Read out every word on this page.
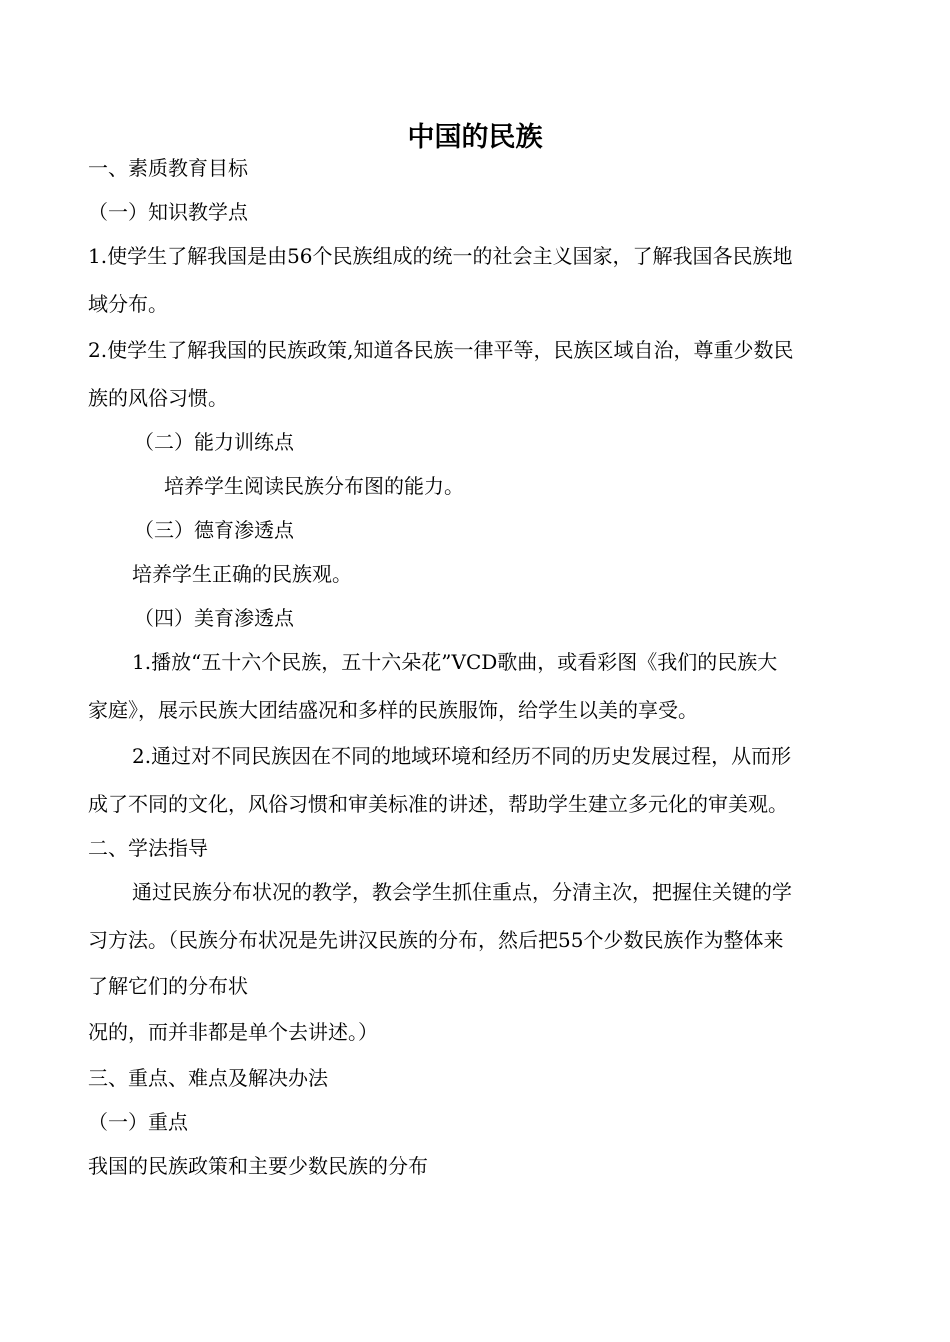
中国的民族
一、素质教育目标
（一）知识教学点
1.使学生了解我国是由56个民族组成的统一的社会主义国家，了解我国各民族地
域分布。
2.使学生了解我国的民族政策,知道各民族一律平等，民族区域自治，尊重少数民
族的风俗习惯。
（二）能力训练点
培养学生阅读民族分布图的能力。
（三）德育渗透点
培养学生正确的民族观。
（四）美育渗透点
1.播放“五十六个民族，五十六朵花”VCD歌曲，或看彩图《我们的民族大
家庭》，展示民族大团结盛况和多样的民族服饰，给学生以美的享受。
2.通过对不同民族因在不同的地域环境和经历不同的历史发展过程，从而形
成了不同的文化，风俗习惯和审美标准的讲述，帮助学生建立多元化的审美观。
二、学法指导
通过民族分布状况的教学，教会学生抓住重点，分清主次，把握住关键的学
习方法。（民族分布状况是先讲汉民族的分布，然后把55个少数民族作为整体来
了解它们的分布状
况的，而并非都是单个去讲述。）
三、重点、难点及解决办法
（一）重点
我国的民族政策和主要少数民族的分布
